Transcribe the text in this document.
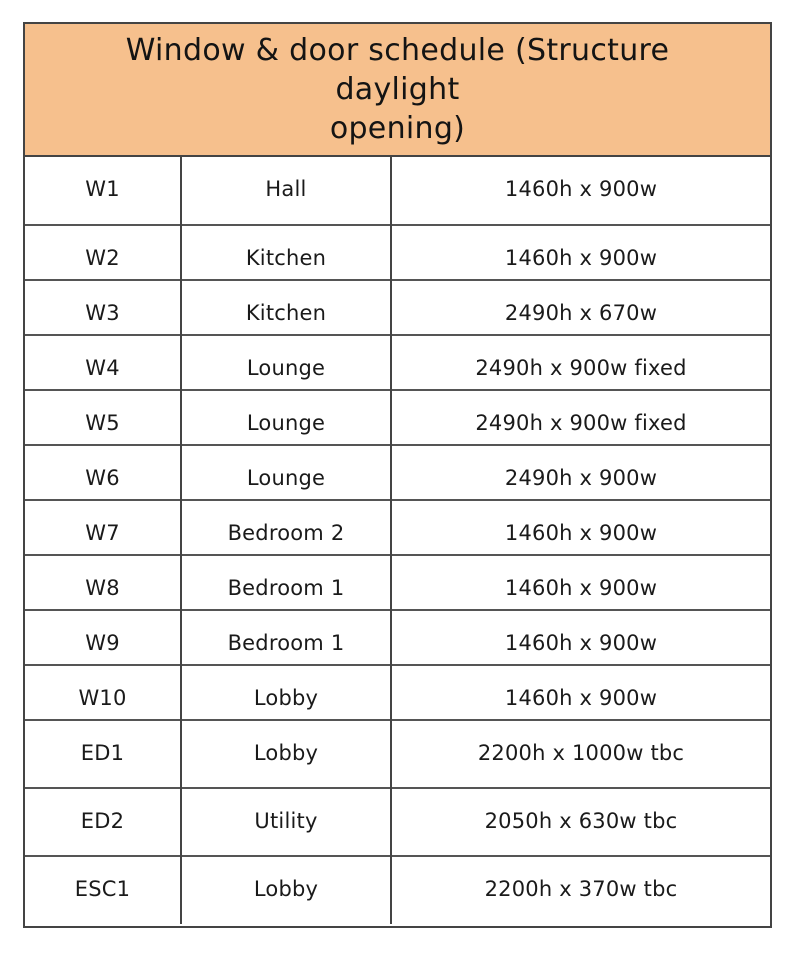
Window & door schedule (Structure daylight
opening)
W1	Hall	1460h x 900w
W2	Kitchen	1460h x 900w
W3	Kitchen	2490h x 670w
W4	Lounge	2490h x 900w fixed
W5	Lounge	2490h x 900w fixed
W6	Lounge	2490h x 900w
W7	Bedroom 2	1460h x 900w
W8	Bedroom 1	1460h x 900w
W9	Bedroom 1	1460h x 900w
W10	Lobby	1460h x 900w
ED1	Lobby	2200h x 1000w tbc
ED2	Utility	2050h x 630w tbc
ESC1	Lobby	2200h x 370w tbc
